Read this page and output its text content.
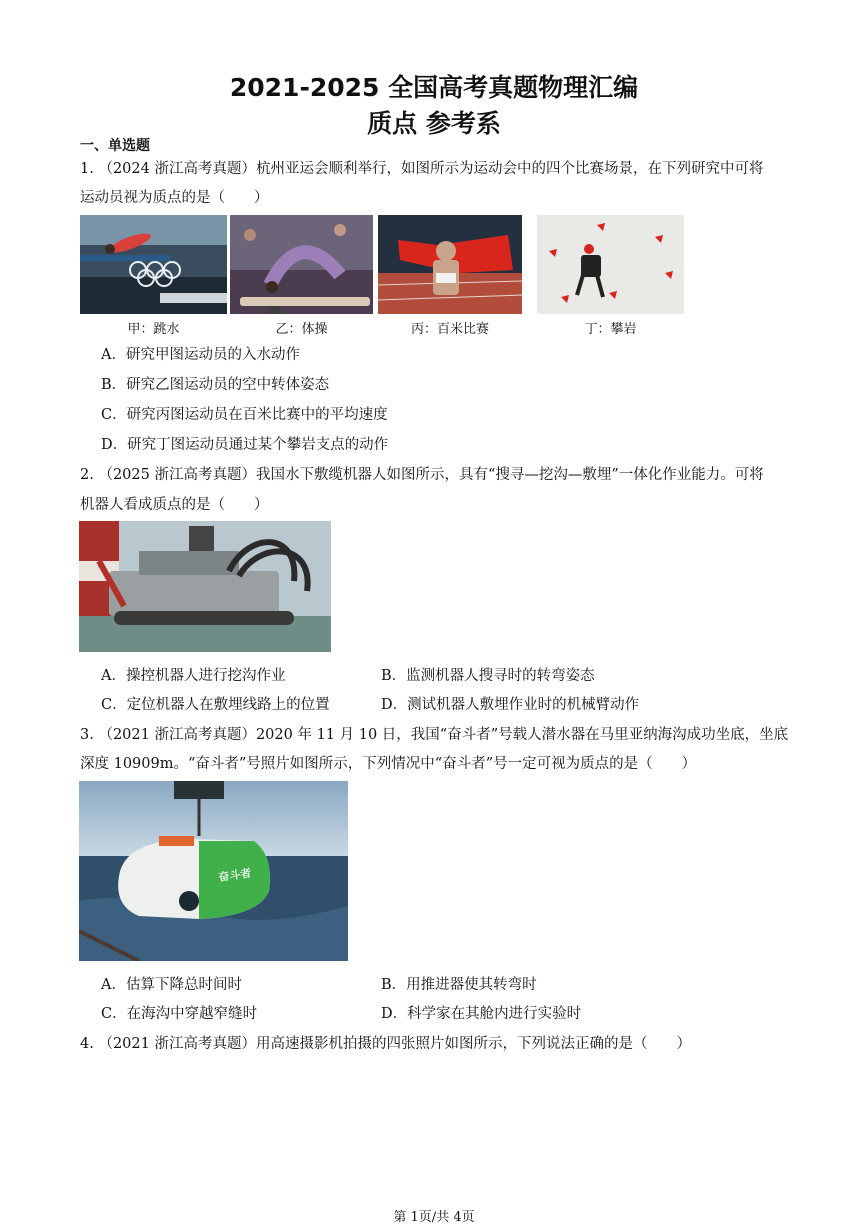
2021-2025 全国高考真题物理汇编
质点 参考系
一、单选题
1. （2024 浙江高考真题）杭州亚运会顺利举行，如图所示为运动会中的四个比赛场景，在下列研究中可将
运动员视为质点的是（　　）
甲：跳水	乙：体操	丙：百米比赛	丁：攀岩
A．研究甲图运动员的入水动作
B．研究乙图运动员的空中转体姿态
C．研究丙图运动员在百米比赛中的平均速度
D．研究丁图运动员通过某个攀岩支点的动作
2. （2025 浙江高考真题）我国水下敷缆机器人如图所示，具有“搜寻—挖沟—敷埋”一体化作业能力。可将
机器人看成质点的是（　　）
A．操控机器人进行挖沟作业	B．监测机器人搜寻时的转弯姿态
C．定位机器人在敷埋线路上的位置	D．测试机器人敷埋作业时的机械臂动作
3. （2021 浙江高考真题）2020 年 11 月 10 日，我国“奋斗者”号载人潜水器在马里亚纳海沟成功坐底，坐底
深度 10909m。“奋斗者”号照片如图所示，下列情况中“奋斗者”号一定可视为质点的是（　　）
奋斗者
A．估算下降总时间时	B．用推进器使其转弯时
C．在海沟中穿越窄缝时	D．科学家在其舱内进行实验时
4. （2021 浙江高考真题）用高速摄影机拍摄的四张照片如图所示，下列说法正确的是（　　）
第 1页/共 4页
